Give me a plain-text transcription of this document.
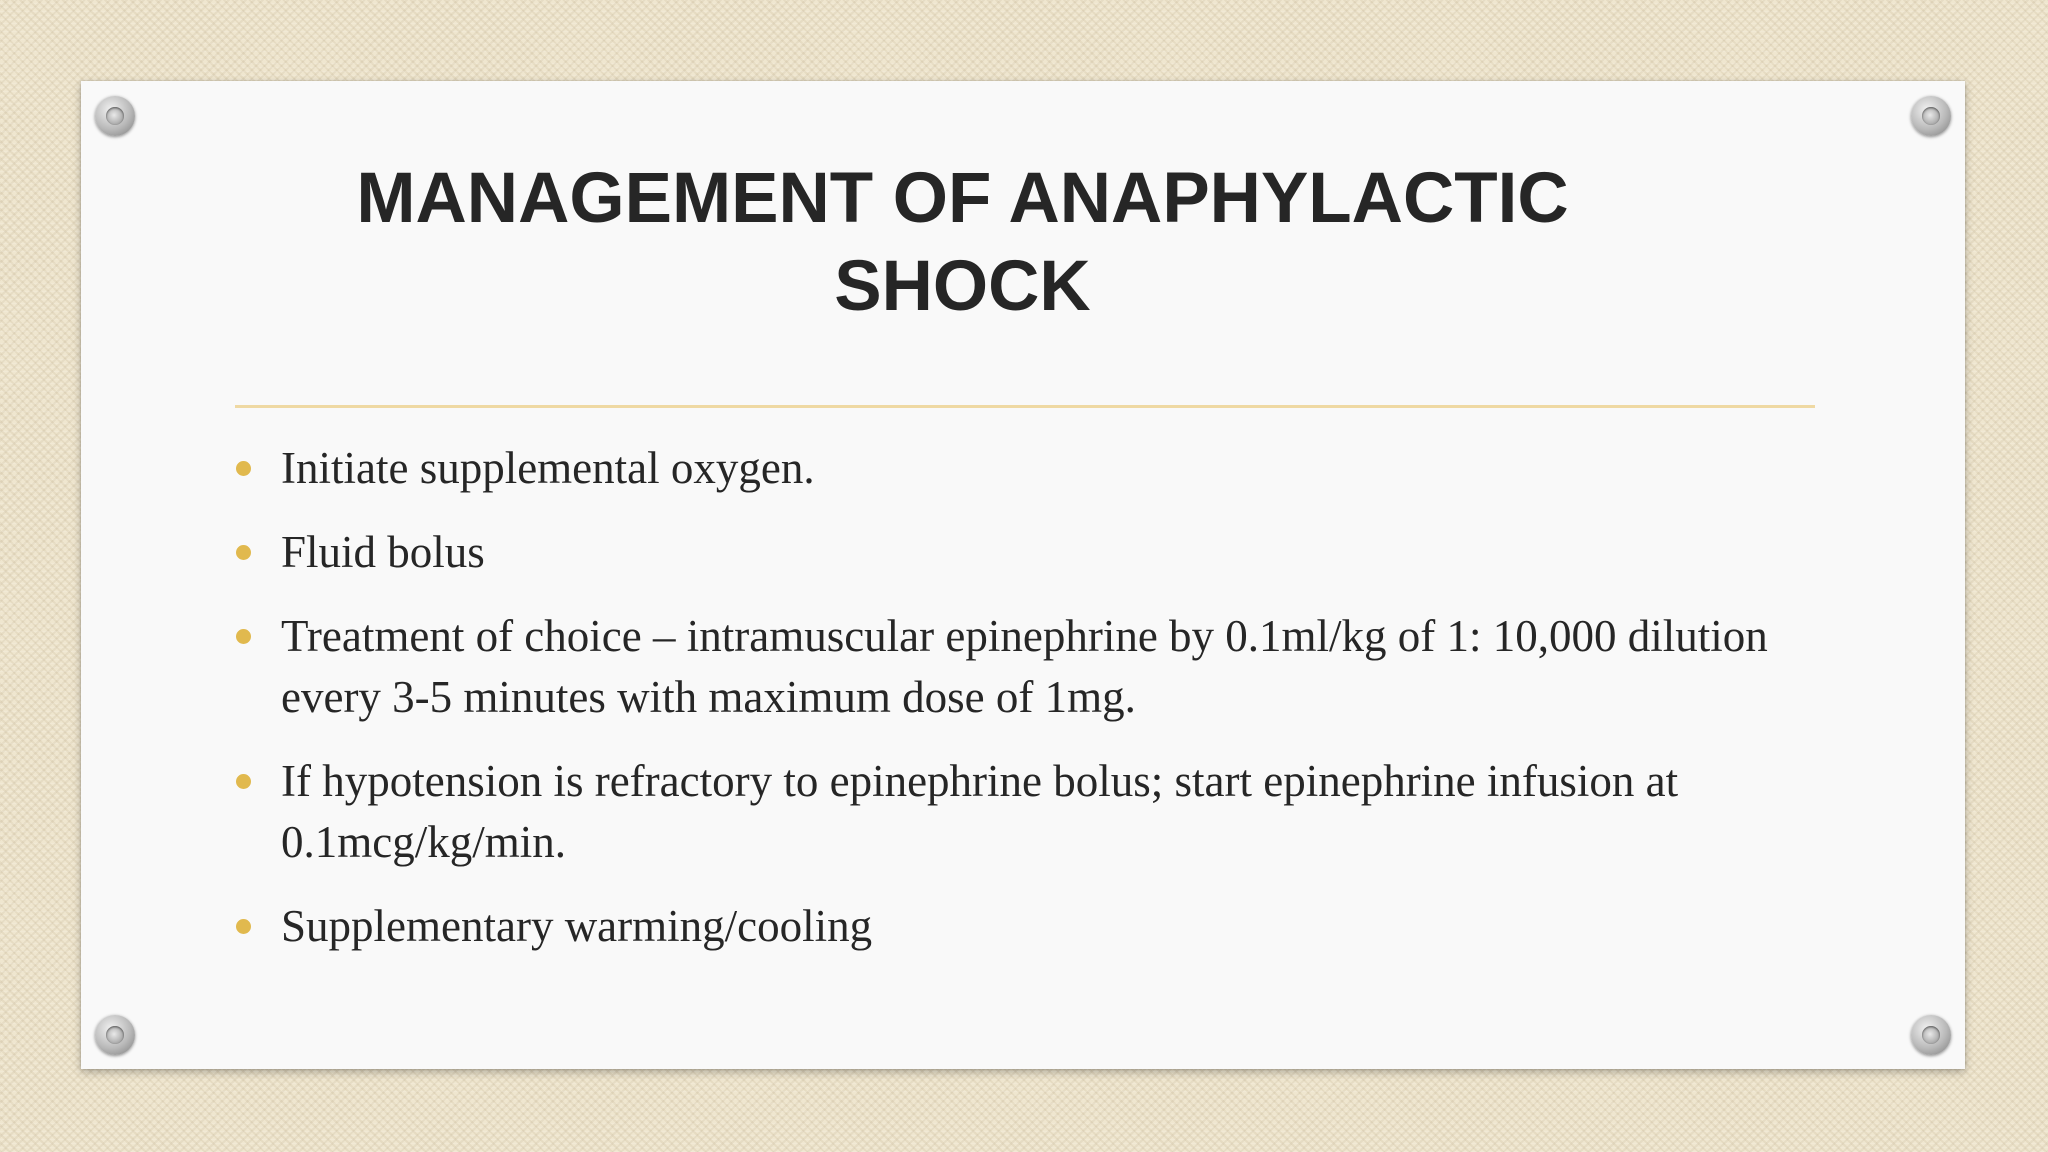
MANAGEMENT OF ANAPHYLACTIC SHOCK
Initiate supplemental oxygen.
Fluid bolus
Treatment of choice – intramuscular epinephrine by 0.1ml/kg of 1: 10,000 dilution every 3-5 minutes with maximum dose of 1mg.
If hypotension is refractory to epinephrine bolus; start epinephrine infusion at 0.1mcg/kg/min.
Supplementary warming/cooling
